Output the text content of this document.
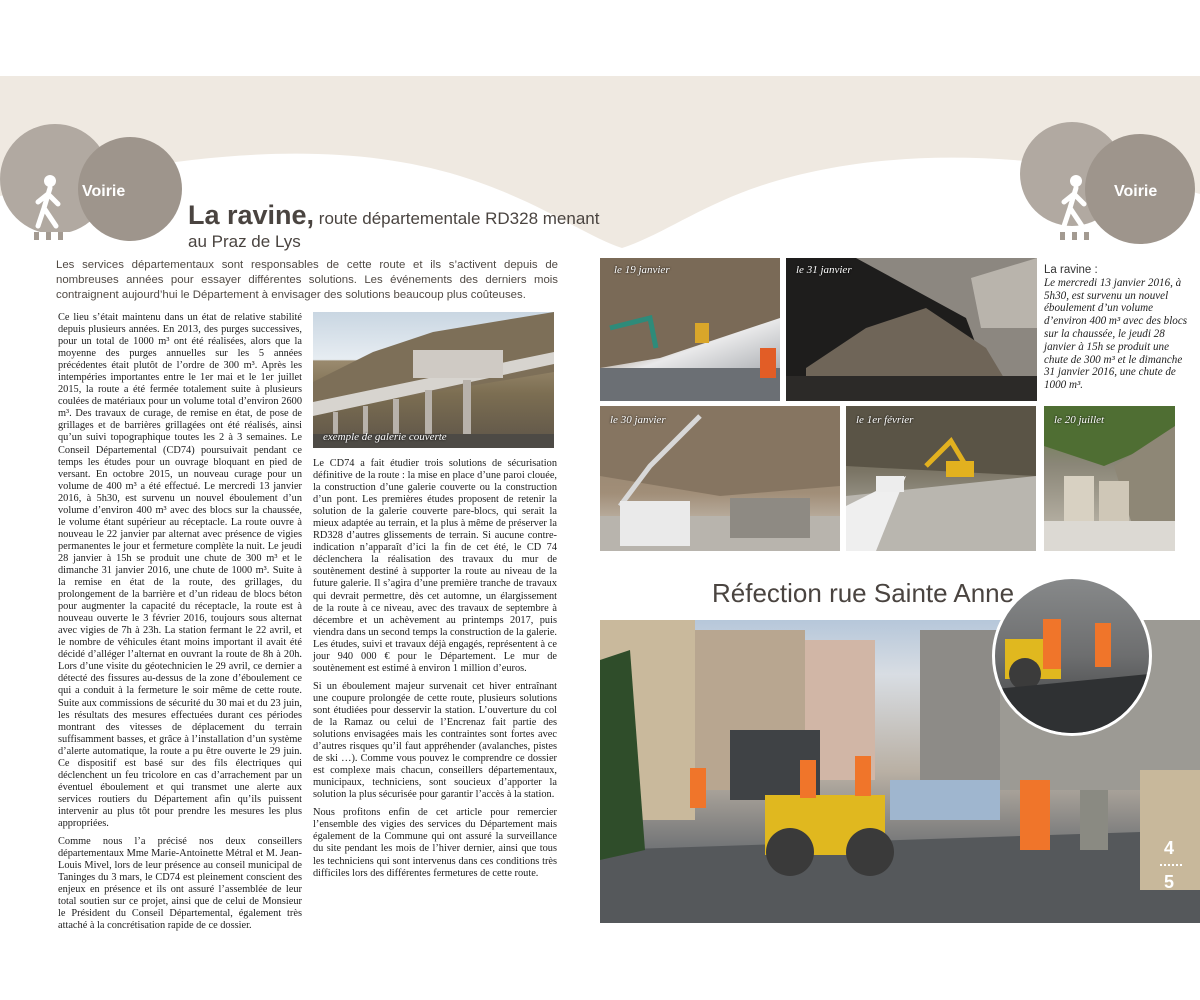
Voirie	Voirie
La ravine, route départementale RD328 menant
au Praz de Lys
Les services départementaux sont responsables de cette route et ils s’activent depuis de nombreuses années pour essayer différentes solutions. Les événements des derniers mois contraignent aujourd’hui le Département à envisager des solutions beaucoup plus coûteuses.

Ce lieu s’était maintenu dans un état de relative stabilité depuis plusieurs années. En 2013, des purges successives, pour un total de 1000 m³ ont été réalisées, alors que la moyenne des purges annuelles sur les 5 années précédentes était plutôt de l’ordre de 300 m³. Après les intempéries importantes entre le 1er mai et le 1er juillet 2015, la route a été fermée totalement suite à plusieurs coulées de matériaux pour un volume total d’environ 2600 m³. Des travaux de curage, de remise en état, de pose de grillages et de barrières grillagées ont été réalisés, ainsi qu’un suivi topographique toutes les 2 à 3 semaines. Le Conseil Départemental (CD74) poursuivait pendant ce temps les études pour un ouvrage bloquant en pied de versant. En octobre 2015, un nouveau curage pour un volume de 400 m³ a été effectué. Le mercredi 13 janvier 2016, à 5h30, est survenu un nouvel éboulement d’un volume d’environ 400 m³ avec des blocs sur la chaussée, le volume étant supérieur au réceptacle. La route ouvre à nouveau le 22 janvier par alternat avec présence de vigies permanentes le jour et fermeture complète la nuit. Le jeudi 28 janvier à 15h se produit une chute de 300 m³ et le dimanche 31 janvier 2016, une chute de 1000 m³. Suite à la remise en état de la route, des grillages, du prolongement de la barrière et d’un rideau de blocs béton pour augmenter la capacité du réceptacle, la route est à nouveau ouverte le 3 février 2016, toujours sous alternat avec vigies de 7h à 23h. La station fermant le 22 avril, et le nombre de véhicules étant moins important il avait été décidé d’alléger l’alternat en ouvrant la route de 8h à 20h. Lors d’une visite du géotechnicien le 29 avril, ce dernier a détecté des fissures au-dessus de la zone d’éboulement ce qui a conduit à la fermeture le soir même de cette route. Suite aux commissions de sécurité du 30 mai et du 23 juin, les résultats des mesures effectuées durant ces périodes montrant des vitesses de déplacement du terrain suffisamment basses, et grâce à l’installation d’un système d’alerte automatique, la route a pu être ouverte le 29 juin. Ce dispositif est basé sur des fils électriques qui déclenchent un feu tricolore en cas d’arrachement par un éventuel éboulement et qui transmet une alerte aux services routiers du Département afin qu’ils puissent intervenir au plus tôt pour prendre les mesures les plus appropriées.

Comme nous l’a précisé nos deux conseillers départementaux Mme Marie-Antoinette Métral et M. Jean-Louis Mivel, lors de leur présence au conseil municipal de Taninges du 3 mars, le CD74 est pleinement conscient des enjeux en présence et ils ont assuré l’assemblée de leur total soutien sur ce projet, ainsi que de celui de Monsieur le Président du Conseil Départemental, également très attaché à la concrétisation rapide de ce dossier.

exemple de galerie couverte

Le CD74 a fait étudier trois solutions de sécurisation définitive de la route : la mise en place d’une paroi clouée, la construction d’une galerie couverte ou la construction d’un pont. Les premières études proposent de retenir la solution de la galerie couverte pare-blocs, qui serait la mieux adaptée au terrain, et la plus à même de préserver la RD328 d’autres glissements de terrain. Si aucune contre-indication n’apparaît d’ici la fin de cet été, le CD 74 déclenchera la réalisation des travaux du mur de soutènement destiné à supporter la route au niveau de la future galerie. Il s’agira d’une première tranche de travaux qui devrait permettre, dès cet automne, un élargissement de la route à ce niveau, avec des travaux de septembre à décembre et un achèvement au printemps 2017, puis viendra dans un second temps la construction de la galerie. Les études, suivi et travaux déjà engagés, représentent à ce jour 940 000 € pour le Département. Le mur de soutènement est estimé à environ 1 million d’euros.

Si un éboulement majeur survenait cet hiver entraînant une coupure prolongée de cette route, plusieurs solutions sont étudiées pour desservir la station. L’ouverture du col de la Ramaz ou celui de l’Encrenaz fait partie des solutions envisagées mais les contraintes sont fortes avec d’autres risques qu’il faut appréhender (avalanches, pistes de ski …). Comme vous pouvez le comprendre ce dossier est complexe mais chacun, conseillers départementaux, municipaux, techniciens, sont soucieux d’apporter la solution la plus sécurisée pour garantir l’accès à la station.

Nous profitons enfin de cet article pour remercier l’ensemble des vigies des services du Département mais également de la Commune qui ont assuré la surveillance du site pendant les mois de l’hiver dernier, ainsi que tous les techniciens qui sont intervenus dans ces conditions très difficiles lors des différentes fermetures de cette route.

le 19 janvier	le 31 janvier
le 30 janvier	le 1er février	le 20 juillet
La ravine :
Le mercredi 13 janvier 2016, à 5h30, est survenu un nouvel éboulement d’un volume d’environ 400 m³ avec des blocs sur la chaussée, le jeudi 28 janvier à 15h se produit une chute de 300 m³ et le dimanche 31 janvier 2016, une chute de 1000 m³.
Réfection rue Sainte Anne
4
5
